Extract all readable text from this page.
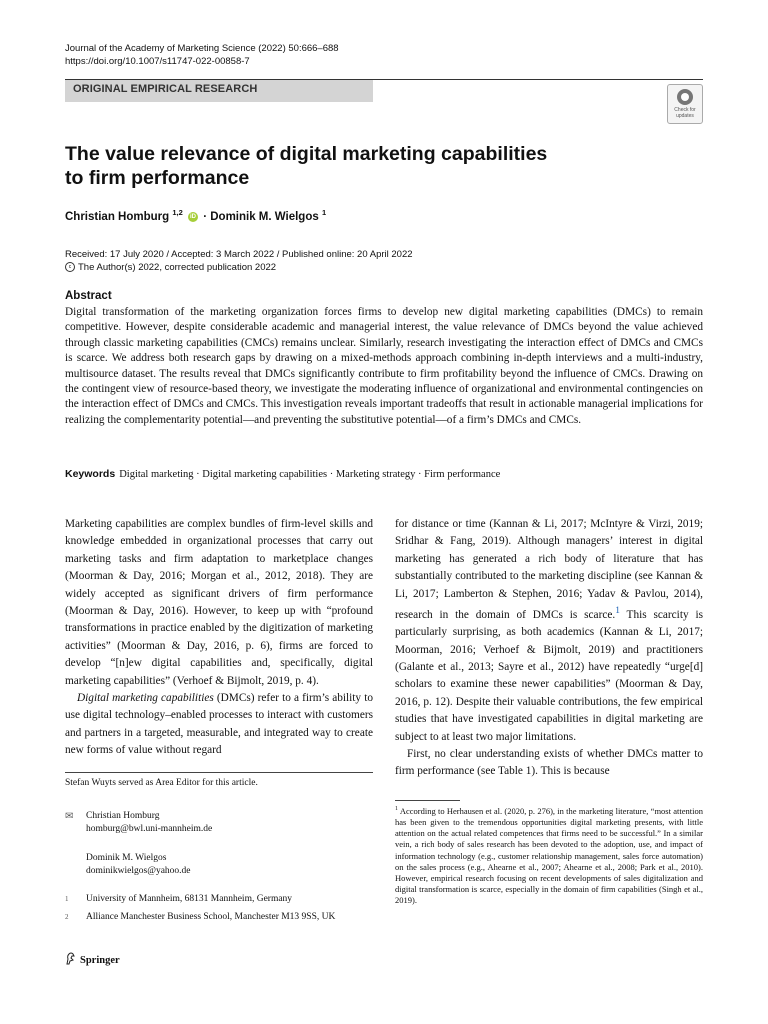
Journal of the Academy of Marketing Science (2022) 50:666–688
https://doi.org/10.1007/s11747-022-00858-7
ORIGINAL EMPIRICAL RESEARCH
Check for updates
The value relevance of digital marketing capabilities
to firm performance
Christian Homburg $^{1,2}$ iD · Dominik M. Wielgos $^1$
Received: 17 July 2020 / Accepted: 3 March 2022 / Published online: 20 April 2022
c The Author(s) 2022, corrected publication 2022
Abstract
Digital transformation of the marketing organization forces firms to develop new digital marketing capabilities (DMCs) to remain competitive. However, despite considerable academic and managerial interest, the value relevance of DMCs beyond the value achieved through classic marketing capabilities (CMCs) remains unclear. Similarly, research investigating the interaction effect of DMCs and CMCs is scarce. We address both research gaps by drawing on a mixed-methods approach combining in-depth interviews and a multi-industry, multisource dataset. The results reveal that DMCs significantly contribute to firm profitability beyond the influence of CMCs. Drawing on the contingent view of resource-based theory, we investigate the moderating influence of organizational and environmental contingencies on the interaction effect of DMCs and CMCs. This investigation reveals important tradeoffs that result in actionable managerial implications for realizing the complementarity potential—and preventing the substitutive potential—of a firm’s DMCs and CMCs.
Keywords Digital marketing · Digital marketing capabilities · Marketing strategy · Firm performance

Marketing capabilities are complex bundles of firm-level skills and knowledge embedded in organizational processes that carry out marketing tasks and firm adaptation to marketplace changes (Moorman & Day, 2016; Morgan et al., 2012, 2018). They are widely accepted as significant drivers of firm performance (Moorman & Day, 2016). However, to keep up with “profound transformations in practice enabled by the digitization of marketing activities” (Moorman & Day, 2016, p. 6), firms are forced to develop “[n]ew digital capabilities and, specifically, digital marketing capabilities” (Verhoef & Bijmolt, 2019, p. 4).

Digital marketing capabilities (DMCs) refer to a firm’s ability to use digital technology–enabled processes to interact with customers and partners in a targeted, measurable, and integrated way to create new forms of value without regard

for distance or time (Kannan & Li, 2017; McIntyre & Virzi, 2019; Sridhar & Fang, 2019). Although managers’ interest in digital marketing has generated a rich body of literature that has substantially contributed to the marketing discipline (see Kannan & Li, 2017; Lamberton & Stephen, 2016; Yadav & Pavlou, 2014), research in the domain of DMCs is scarce.$^1$ This scarcity is particularly surprising, as both academics (Kannan & Li, 2017; Moorman, 2016; Verhoef & Bijmolt, 2019) and practitioners (Galante et al., 2013; Sayre et al., 2012) have repeatedly “urge[d] scholars to examine these newer capabilities” (Moorman & Day, 2016, p. 12). Despite their valuable contributions, the few empirical studies that have investigated capabilities in digital marketing are subject to at least two major limitations.

First, no clear understanding exists of whether DMCs matter to firm performance (see Table 1). This is because

Stefan Wuyts served as Area Editor for this article.
✉	Christian Homburg
homburg@bwl.uni-mannheim.de
Dominik M. Wielgos
dominikwielgos@yahoo.de
1	University of Mannheim, 68131 Mannheim, Germany
2	Alliance Manchester Business School, Manchester M13 9SS, UK
$^1$ According to Herhausen et al. (2020, p. 276), in the marketing literature, “most attention has been given to the tremendous opportunities digital marketing presents, with little attention on the actual related competences that firms need to be successful.” In a similar vein, a rich body of sales research has been devoted to the adoption, use, and impact of information technology (e.g., customer relationship management, sales force automation) on the sales process (e.g., Ahearne et al., 2007; Ahearne et al., 2008; Park et al., 2010). However, empirical research focusing on recent developments of sales digitalization and digital transformation is scarce, especially in the domain of firm capabilities (Singh et al., 2019).
Springer
